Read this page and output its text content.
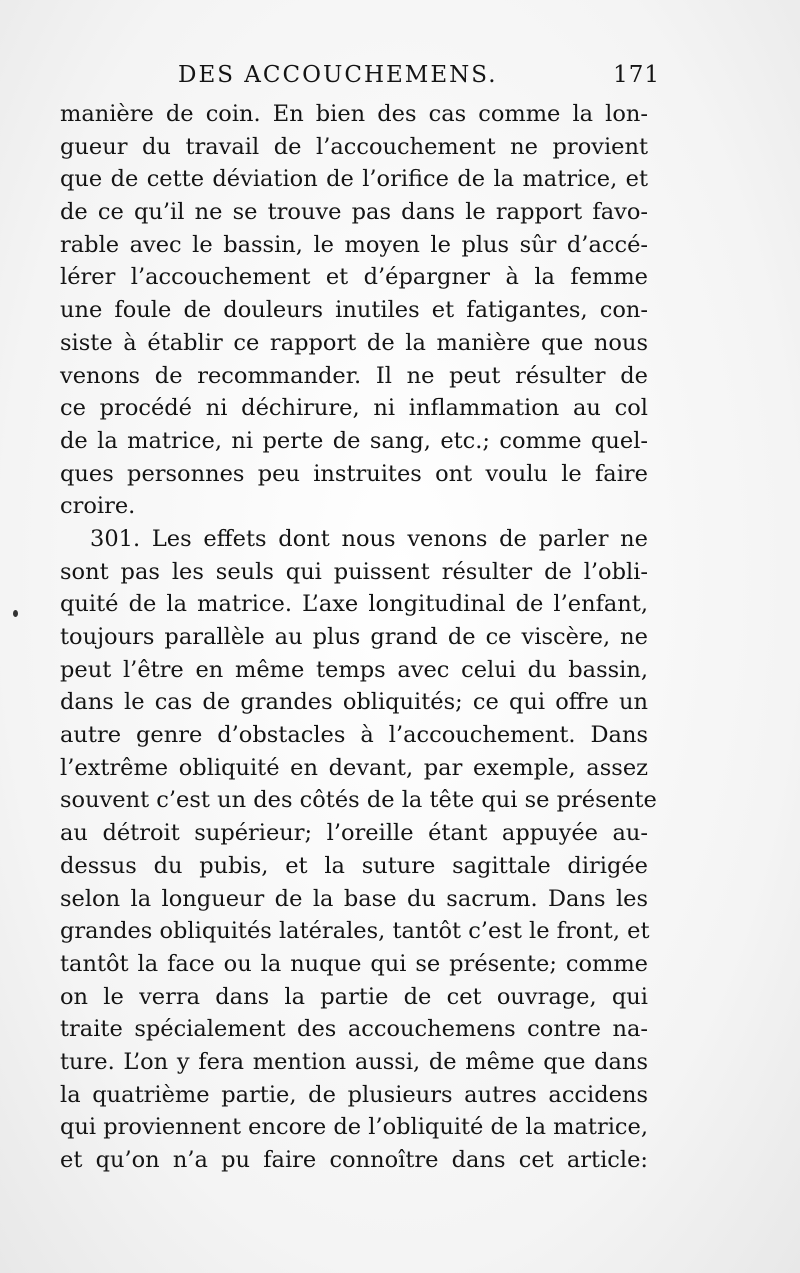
DES ACCOUCHEMENS.	171
manière de coin. En bien des cas comme la lon-
gueur du travail de l’accouchement ne provient
que de cette déviation de l’orifice de la matrice, et
de ce qu’il ne se trouve pas dans le rapport favo-
rable avec le bassin, le moyen le plus sûr d’accé-
lérer l’accouchement et d’épargner à la femme
une foule de douleurs inutiles et fatigantes, con-
siste à établir ce rapport de la manière que nous
venons de recommander. Il ne peut résulter de
ce procédé ni déchirure, ni inflammation au col
de la matrice, ni perte de sang, etc.; comme quel-
ques personnes peu instruites ont voulu le faire
croire.
301. Les effets dont nous venons de parler ne
sont pas les seuls qui puissent résulter de l’obli-
quité de la matrice. L’axe longitudinal de l’enfant,
toujours parallèle au plus grand de ce viscère, ne
peut l’être en même temps avec celui du bassin,
dans le cas de grandes obliquités; ce qui offre un
autre genre d’obstacles à l’accouchement. Dans
l’extrême obliquité en devant, par exemple, assez
souvent c’est un des côtés de la tête qui se présente
au détroit supérieur; l’oreille étant appuyée au-
dessus du pubis, et la suture sagittale dirigée
selon la longueur de la base du sacrum. Dans les
grandes obliquités latérales, tantôt c’est le front, et
tantôt la face ou la nuque qui se présente; comme
on le verra dans la partie de cet ouvrage, qui
traite spécialement des accouchemens contre na-
ture. L’on y fera mention aussi, de même que dans
la quatrième partie, de plusieurs autres accidens
qui proviennent encore de l’obliquité de la matrice,
et qu’on n’a pu faire connoître dans cet article:
